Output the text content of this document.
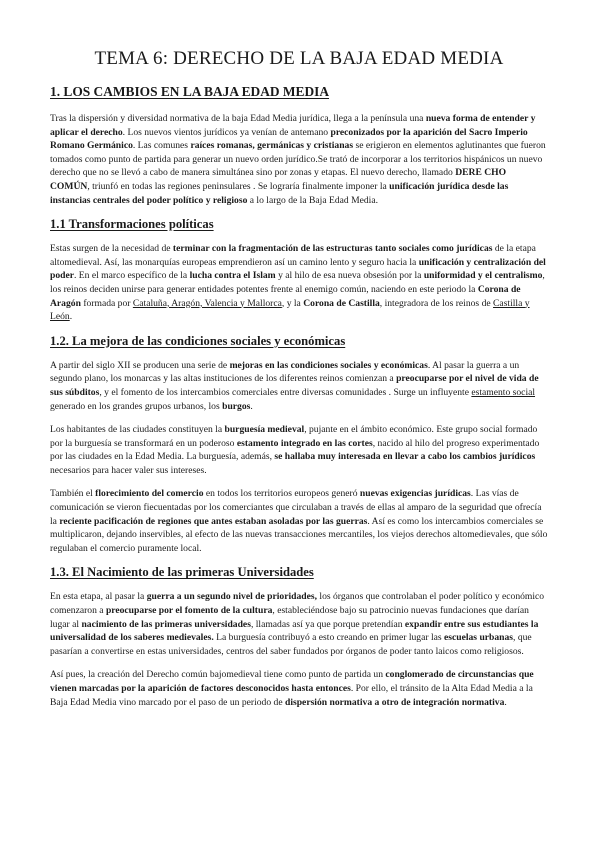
TEMA 6: DERECHO DE LA BAJA EDAD MEDIA
1. LOS CAMBIOS EN LA BAJA EDAD MEDIA

Tras la dispersión y diversidad normativa de la baja Edad Media jurídica, llega a la península una nueva forma de entender y aplicar el derecho. Los nuevos vientos jurídicos ya venían de antemano preconizados por la aparición del Sacro Imperio Romano Germánico. Las comunes raíces romanas, germánicas y cristianas se erigieron en elementos aglutinantes que fueron tomados como punto de partida para generar un nuevo orden jurídico.Se trató de incorporar a los territorios hispánicos un nuevo derecho que no se llevó a cabo de manera simultánea sino por zonas y etapas. El nuevo derecho, llamado DERE CHO COMÚN, triunfó en todas las regiones peninsulares . Se lograría finalmente imponer la unificación jurídica desde las instancias centrales del poder político y religioso a lo largo de la Baja Edad Media.

1.1 Transformaciones políticas

Estas surgen de la necesidad de terminar con la fragmentación de las estructuras tanto sociales como jurídicas de la etapa altomedieval. Así, las monarquías europeas emprendieron así un camino lento y seguro hacia la unificación y centralización del poder. En el marco específico de la lucha contra el Islam y al hilo de esa nueva obsesión por la uniformidad y el centralismo, los reinos deciden unirse para generar entidades potentes frente al enemigo común, naciendo en este periodo la Corona de Aragón formada por Cataluña, Aragón, Valencia y Mallorca, y la Corona de Castilla, integradora de los reinos de Castilla y León.

1.2. La mejora de las condiciones sociales y económicas

A partir del siglo XII se producen una serie de mejoras en las condiciones sociales y económicas. Al pasar la guerra a un segundo plano, los monarcas y las altas instituciones de los diferentes reinos comienzan a preocuparse por el nivel de vida de sus súbditos, y el fomento de los intercambios comerciales entre diversas comunidades . Surge un influyente estamento social generado en los grandes grupos urbanos, los burgos.

Los habitantes de las ciudades constituyen la burguesía medieval, pujante en el ámbito económico. Este grupo social formado por la burguesía se transformará en un poderoso estamento integrado en las cortes, nacido al hilo del progreso experimentado por las ciudades en la Edad Media. La burguesía, además, se hallaba muy interesada en llevar a cabo los cambios jurídicos necesarios para hacer valer sus intereses.

También el florecimiento del comercio en todos los territorios europeos generó nuevas exigencias jurídicas. Las vías de comunicación se vieron fiecuentadas por los comerciantes que circulaban a través de ellas al amparo de la seguridad que ofrecía la reciente pacificación de regiones que antes estaban asoladas por las guerras. Así es como los intercambios comerciales se multiplicaron, dejando inservibles, al efecto de las nuevas transacciones mercantiles, los viejos derechos altomedievales, que sólo regulaban el comercio puramente local.

1.3. El Nacimiento de las primeras Universidades

En esta etapa, al pasar la guerra a un segundo nivel de prioridades, los órganos que controlaban el poder político y económico comenzaron a preocuparse por el fomento de la cultura, estableciéndose bajo su patrocinio nuevas fundaciones que darían lugar al nacimiento de las primeras universidades, llamadas así ya que porque pretendían expandir entre sus estudiantes la universalidad de los saberes medievales. La burguesía contribuyó a esto creando en primer lugar las escuelas urbanas, que pasarían a convertirse en estas universidades, centros del saber fundados por órganos de poder tanto laicos como religiosos.

Así pues, la creación del Derecho común bajomedieval tiene como punto de partida un conglomerado de circunstancias que vienen marcadas por la aparición de factores desconocidos hasta entonces. Por ello, el tránsito de la Alta Edad Media a la Baja Edad Media vino marcado por el paso de un periodo de dispersión normativa a otro de integración normativa.
